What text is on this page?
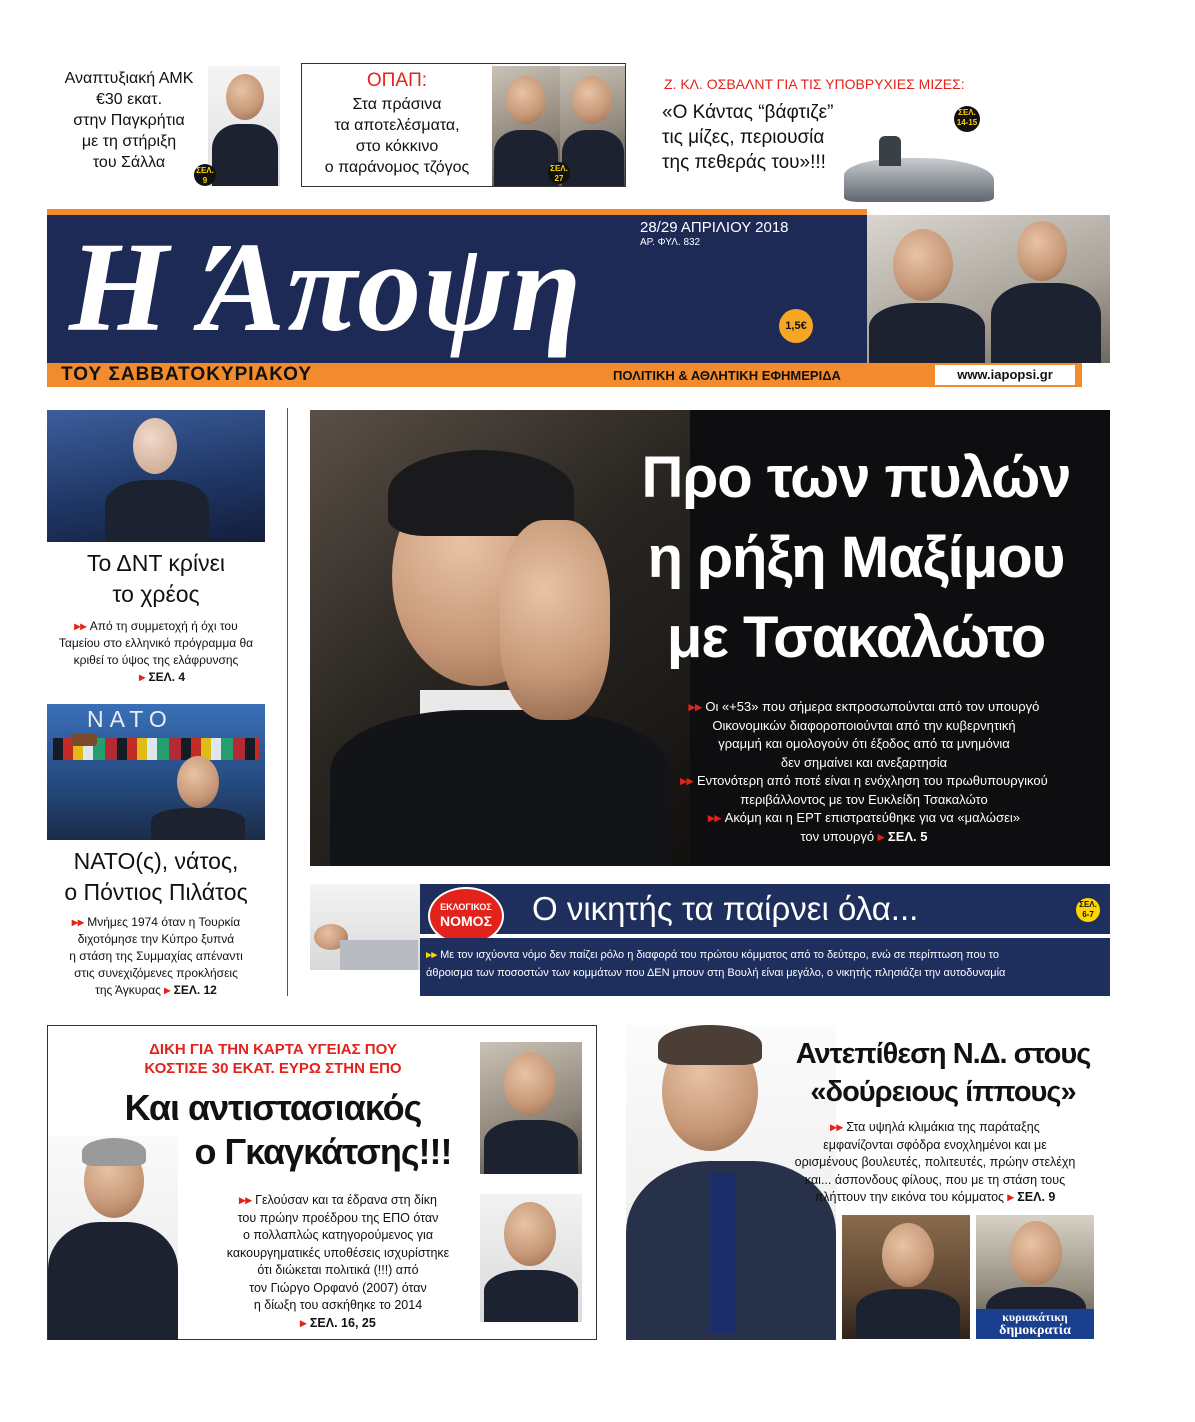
Αναπτυξιακή ΑΜΚ
€30 εκατ.
στην Παγκρήτια
με τη στήριξη
του Σάλλα	ΣΕΛ.
9
ΟΠΑΠ:
Στα πράσινα
τα αποτελέσματα,
στο κόκκινο
ο παράνομος τζόγος	ΣΕΛ.
27
Ζ. ΚΛ. ΟΣΒΑΛΝΤ ΓΙΑ ΤΙΣ ΥΠΟΒΡΥΧΙΕΣ ΜΙΖΕΣ:
«Ο Κάντας “βάφτιζε”
τις μίζες, περιουσία
της πεθεράς του»!!!
ΣΕΛ.
14-15
Η Άποψη	28/29 ΑΠΡΙΛΙΟΥ 2018
ΑΡ. ΦΥΛ. 832
1,5€
ΤΟΥ ΣΑΒΒΑΤΟΚΥΡΙΑΚΟΥ	ΠΟΛΙΤΙΚΗ & ΑΘΛΗΤΙΚΗ ΕΦΗΜΕΡΙΔΑ	www.iapopsi.gr
Το ΔΝΤ κρίνει
το χρέος
▸▸ Από τη συμμετοχή ή όχι του
Ταμείου στο ελληνικό πρόγραμμα θα
κριθεί το ύψος της ελάφρυνσης
▸ ΣΕΛ. 4
NATO
ΝΑΤΟ(ς), νάτος,
ο Πόντιος Πιλάτος
▸▸ Μνήμες 1974 όταν η Τουρκία
διχοτόμησε την Κύπρο ξυπνά
η στάση της Συμμαχίας απέναντι
στις συνεχιζόμενες προκλήσεις
της Άγκυρας ▸ ΣΕΛ. 12
Προ των πυλών
η ρήξη Μαξίμου
με Τσακαλώτο
▸▸ Οι «+53» που σήμερα εκπροσωπούνται από τον υπουργό
Οικονομικών διαφοροποιούνται από την κυβερνητική
γραμμή και ομολογούν ότι έξοδος από τα μνημόνια
δεν σημαίνει και ανεξαρτησία
▸▸ Εντονότερη από ποτέ είναι η ενόχληση του πρωθυπουργικού
περιβάλλοντος με τον Ευκλείδη Τσακαλώτο
▸▸ Ακόμη και η ΕΡΤ επιστρατεύθηκε για να «μαλώσει»
τον υπουργό ▸ ΣΕΛ. 5
ΕΚΛΟΓΙΚΟΣ
ΝΟΜΟΣ	Ο νικητής τα παίρνει όλα...	ΣΕΛ.
6-7
▸▸ Με τον ισχύοντα νόμο δεν παίζει ρόλο η διαφορά του πρώτου κόμματος από το δεύτερο, ενώ σε περίπτωση που το
άθροισμα των ποσοστών των κομμάτων που ΔΕΝ μπουν στη Βουλή είναι μεγάλο, ο νικητής πλησιάζει την αυτοδυναμία
ΔΙΚΗ ΓΙΑ ΤΗΝ ΚΑΡΤΑ ΥΓΕΙΑΣ ΠΟΥ
ΚΟΣΤΙΣΕ 30 ΕΚΑΤ. ΕΥΡΩ ΣΤΗΝ ΕΠΟ
Και αντιστασιακός
ο Γκαγκάτσης!!!
▸▸ Γελούσαν και τα έδρανα στη δίκη
του πρώην προέδρου της ΕΠΟ όταν
ο πολλαπλώς κατηγορούμενος για
κακουργηματικές υποθέσεις ισχυρίστηκε
ότι διώκεται πολιτικά (!!!) από
τον Γιώργο Ορφανό (2007) όταν
η δίωξη του ασκήθηκε το 2014
▸ ΣΕΛ. 16, 25
Αντεπίθεση Ν.Δ. στους
«δούρειους ίππους»
▸▸ Στα υψηλά κλιμάκια της παράταξης
εμφανίζονται σφόδρα ενοχλημένοι και με
ορισμένους βουλευτές, πολιτευτές, πρώην στελέχη
και... άσπονδους φίλους, που με τη στάση τους
πλήττουν την εικόνα του κόμματος ▸ ΣΕΛ. 9
κυριακάτικη
δημοκρατία
